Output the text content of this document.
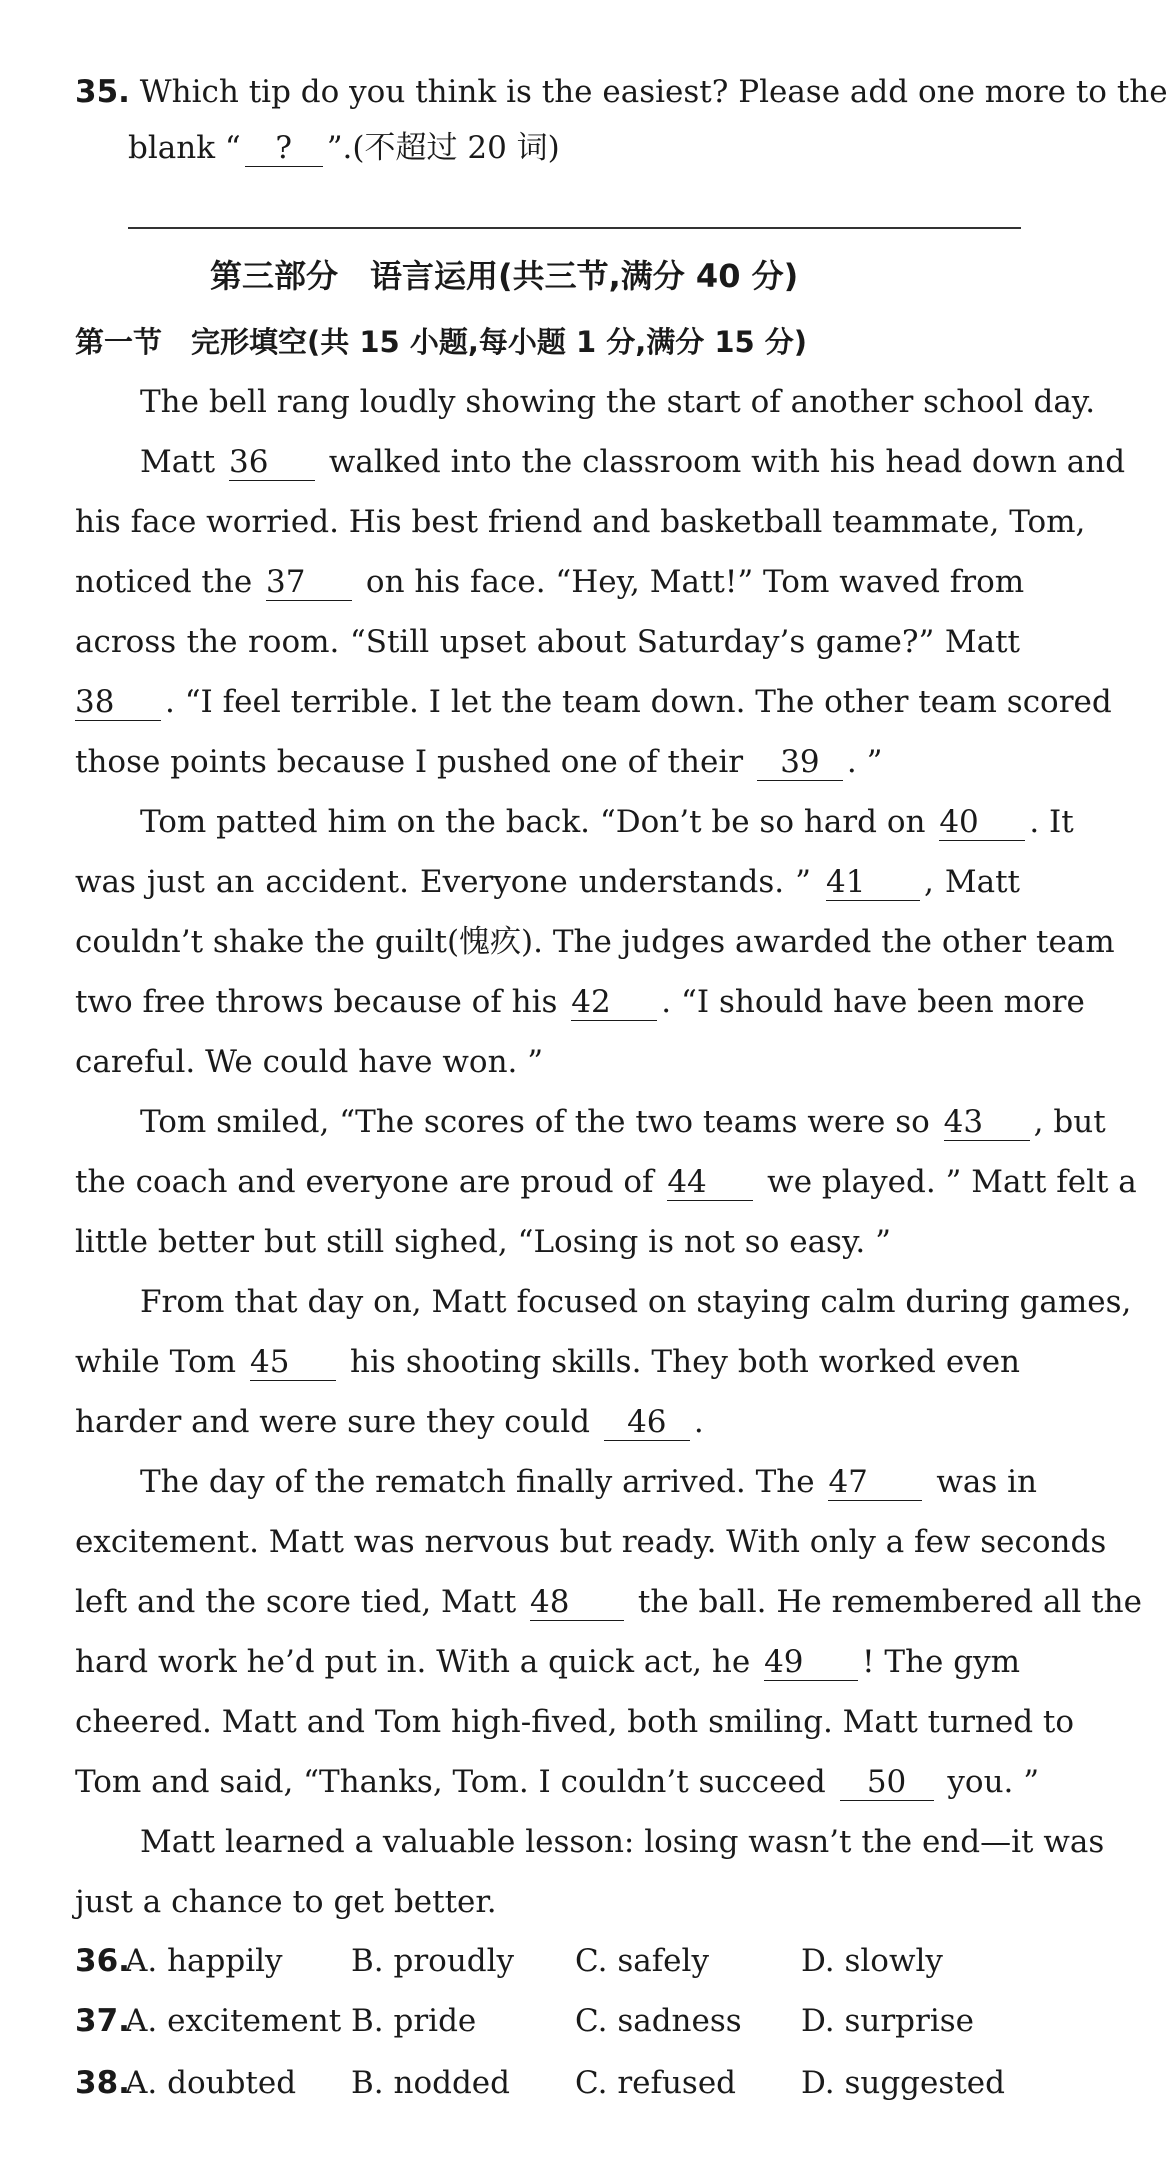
35. Which tip do you think is the easiest? Please add one more to the
blank “ ? ”.(不超过 20 词)
第三部分　语言运用(共三节,满分 40 分)
第一节　 完形填空(共 15 小题,每小题 1 分,满分 15 分)
The bell rang loudly showing the start of another school day.
Matt 36 walked into the classroom with his head down and
his face worried. His best friend and basketball teammate, Tom,
noticed the 37 on his face. “Hey, Matt!” Tom waved from
across the room. “Still upset about Saturday’s game?” Matt
38 . “I feel terrible. I let the team down. The other team scored
those points because I pushed one of their 39 . ”
Tom patted him on the back. “Don’t be so hard on 40 . It
was just an accident. Everyone understands. ” 41 , Matt
couldn’t shake the guilt(愧疚). The judges awarded the other team
two free throws because of his 42 . “I should have been more
careful. We could have won. ”
Tom smiled, “The scores of the two teams were so 43 , but
the coach and everyone are proud of 44 we played. ” Matt felt a
little better but still sighed, “Losing is not so easy. ”
From that day on, Matt focused on staying calm during games,
while Tom 45 his shooting skills. They both worked even
harder and were sure they could 46 .
The day of the rematch finally arrived. The 47 was in
excitement. Matt was nervous but ready. With only a few seconds
left and the score tied, Matt 48 the ball. He remembered all the
hard work he’d put in. With a quick act, he 49 ! The gym
cheered. Matt and Tom high-fived, both smiling. Matt turned to
Tom and said, “Thanks, Tom. I couldn’t succeed 50 you. ”
Matt learned a valuable lesson: losing wasn’t the end—it was
just a chance to get better.
36.
A. happily B. proudly C. safely	D. slowly
37.
A. excitement B. pride	C. sadness D. surprise
38.
A. doubted B. nodded C. refused D. suggested
